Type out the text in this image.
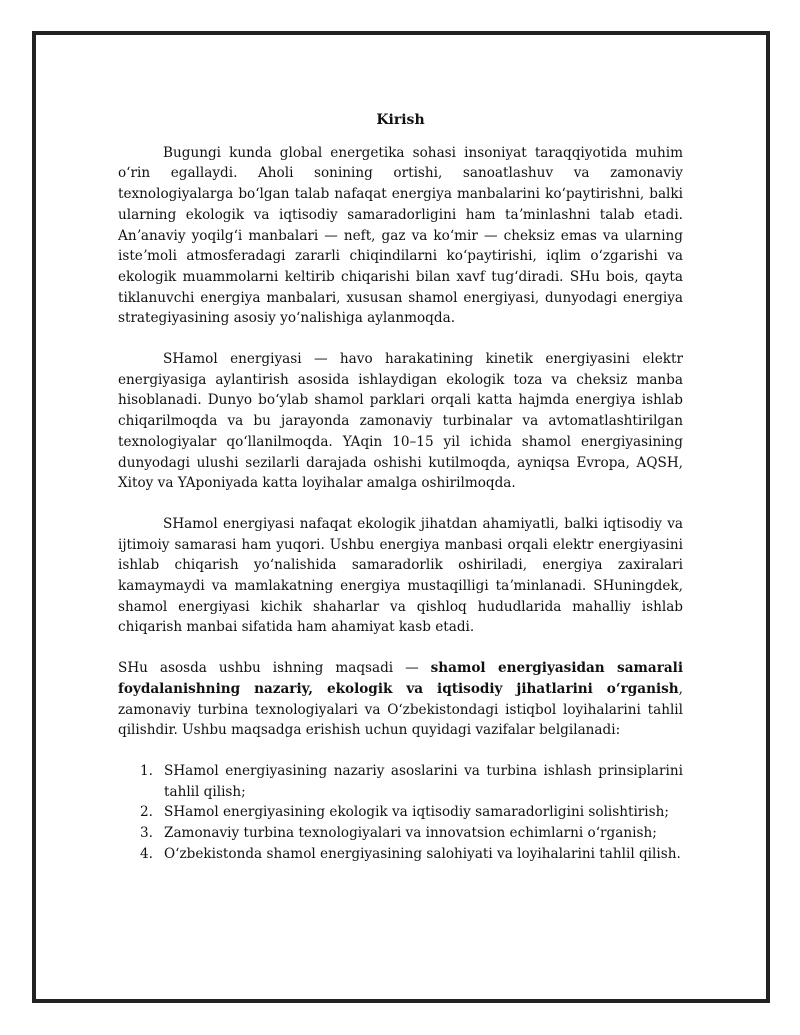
Kirish

Bugungi kunda global energetika sohasi insoniyat taraqqiyotida muhim oʻrin egallaydi. Aholi sonining ortishi, sanoatlashuv va zamonaviy texnologiyalarga boʻlgan talab nafaqat energiya manbalarini koʻpaytirishni, balki ularning ekologik va iqtisodiy samaradorligini ham taʼminlashni talab etadi. Anʼanaviy yoqilgʻi manbalari — neft, gaz va koʻmir — cheksiz emas va ularning isteʼmoli atmosferadagi zararli chiqindilarni koʻpaytirishi, iqlim oʻzgarishi va ekologik muammolarni keltirib chiqarishi bilan xavf tugʻdiradi. SHu bois, qayta tiklanuvchi energiya manbalari, xususan shamol energiyasi, dunyodagi energiya strategiyasining asosiy yoʻnalishiga aylanmoqda.

SHamol energiyasi — havo harakatining kinetik energiyasini elektr energiyasiga aylantirish asosida ishlaydigan ekologik toza va cheksiz manba hisoblanadi. Dunyo boʻylab shamol parklari orqali katta hajmda energiya ishlab chiqarilmoqda va bu jarayonda zamonaviy turbinalar va avtomatlashtirilgan texnologiyalar qoʻllanilmoqda. YAqin 10–15 yil ichida shamol energiyasining dunyodagi ulushi sezilarli darajada oshishi kutilmoqda, ayniqsa Evropa, AQSH, Xitoy va YAponiyada katta loyihalar amalga oshirilmoqda.

SHamol energiyasi nafaqat ekologik jihatdan ahamiyatli, balki iqtisodiy va ijtimoiy samarasi ham yuqori. Ushbu energiya manbasi orqali elektr energiyasini ishlab chiqarish yoʻnalishida samaradorlik oshiriladi, energiya zaxiralari kamaymaydi va mamlakatning energiya mustaqilligi taʼminlanadi. SHuningdek, shamol energiyasi kichik shaharlar va qishloq hududlarida mahalliy ishlab chiqarish manbai sifatida ham ahamiyat kasb etadi.

SHu asosda ushbu ishning maqsadi — shamol energiyasidan samarali foydalanishning nazariy, ekologik va iqtisodiy jihatlarini oʻrganish, zamonaviy turbina texnologiyalari va Oʻzbekistondagi istiqbol loyihalarini tahlil qilishdir. Ushbu maqsadga erishish uchun quyidagi vazifalar belgilanadi:

1. SHamol energiyasining nazariy asoslarini va turbina ishlash prinsiplarini tahlil qilish;
2. SHamol energiyasining ekologik va iqtisodiy samaradorligini solishtirish;
3. Zamonaviy turbina texnologiyalari va innovatsion echimlarni oʻrganish;
4. Oʻzbekistonda shamol energiyasining salohiyati va loyihalarini tahlil qilish.
